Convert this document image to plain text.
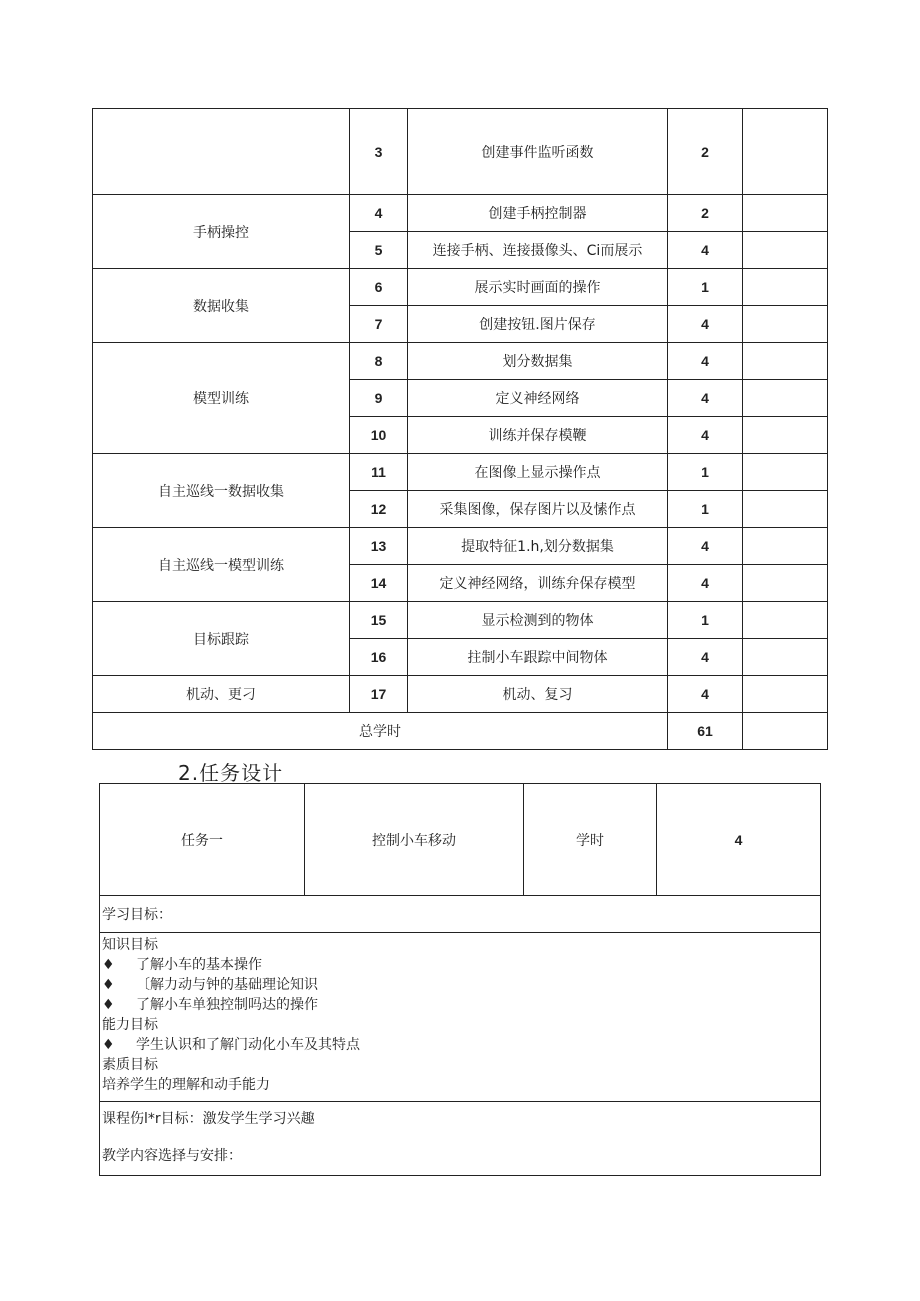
	3	创建事件监听函数	2	
手柄操控	4	创建手柄控制器	2	
	5	连接手柄、连接摄像头、Ci而展示	4	
数据收集	6	展示实时画面的操作	1	
	7	创建按钮.图片保存	4	
模型训练	8	划分数据集	4	
	9	定义神经网络	4	
	10	训练并保存模鞭	4	
自主巡线一数据收集	11	在图像上显示操作点	1	
	12	采集图像，保存图片以及愫作点	1	
自主巡线一模型训练	13	提取特征1.h,划分数据集	4	
	14	定义神经网络，训练弁保存模型	4	
目标跟踪	15	显示检测到的物体	1	
	16	拄制小车跟踪中间物体	4	
机动、更刁	17	机动、复习	4	
总学时			61	
2.任务设计
任务一	控制小车移动	学时	4
学习目标：

知识目标
♦ 了解小车的基本操作
♦ 〔解力动与钟的基础理论知识
♦ 了解小车单独控制吗达的操作
能力目标
♦ 学生认识和了解门动化小车及其特点
素质目标
培养学生的理解和动手能力

课程伤l*r目标：激发学生学习兴趣
教学内容选择与安排：
